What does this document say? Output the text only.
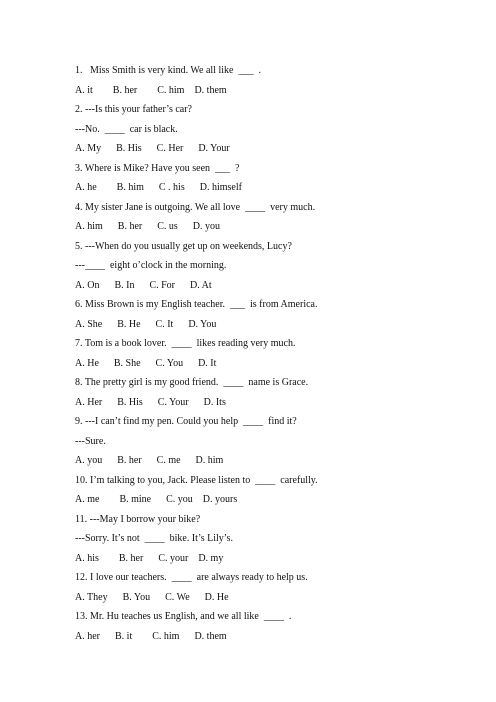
1.   Miss Smith is very kind. We all like  ___  .
A. it        B. her        C. him    D. them
2. ---Is this your father’s car?
---No.  ____  car is black.
A. My      B. His      C. Her      D. Your
3. Where is Mike? Have you seen  ___  ?
A. he        B. him      C . his      D. himself
4. My sister Jane is outgoing. We all love  ____  very much.
A. him      B. her      C. us      D. you
5. ---When do you usually get up on weekends, Lucy?
---____  eight o’clock in the morning.
A. On      B. In      C. For      D. At
6. Miss Brown is my English teacher.  ___  is from America.
A. She      B. He      C. It      D. You
7. Tom is a book lover.  ____  likes reading very much.
A. He      B. She      C. You      D. It
8. The pretty girl is my good friend.  ____  name is Grace.
A. Her      B. His      C. Your      D. Its
9. ---I can’t find my pen. Could you help  ____  find it?
---Sure.
A. you      B. her      C. me      D. him
10. I’m talking to you, Jack. Please listen to  ____  carefully.
A. me        B. mine      C. you    D. yours
11. ---May I borrow your bike?
---Sorry. It’s not  ____  bike. It’s Lily’s.
A. his        B. her      C. your    D. my
12. I love our teachers.  ____  are always ready to help us.
A. They      B. You      C. We      D. He
13. Mr. Hu teaches us English, and we all like  ____  .
A. her      B. it        C. him      D. them
